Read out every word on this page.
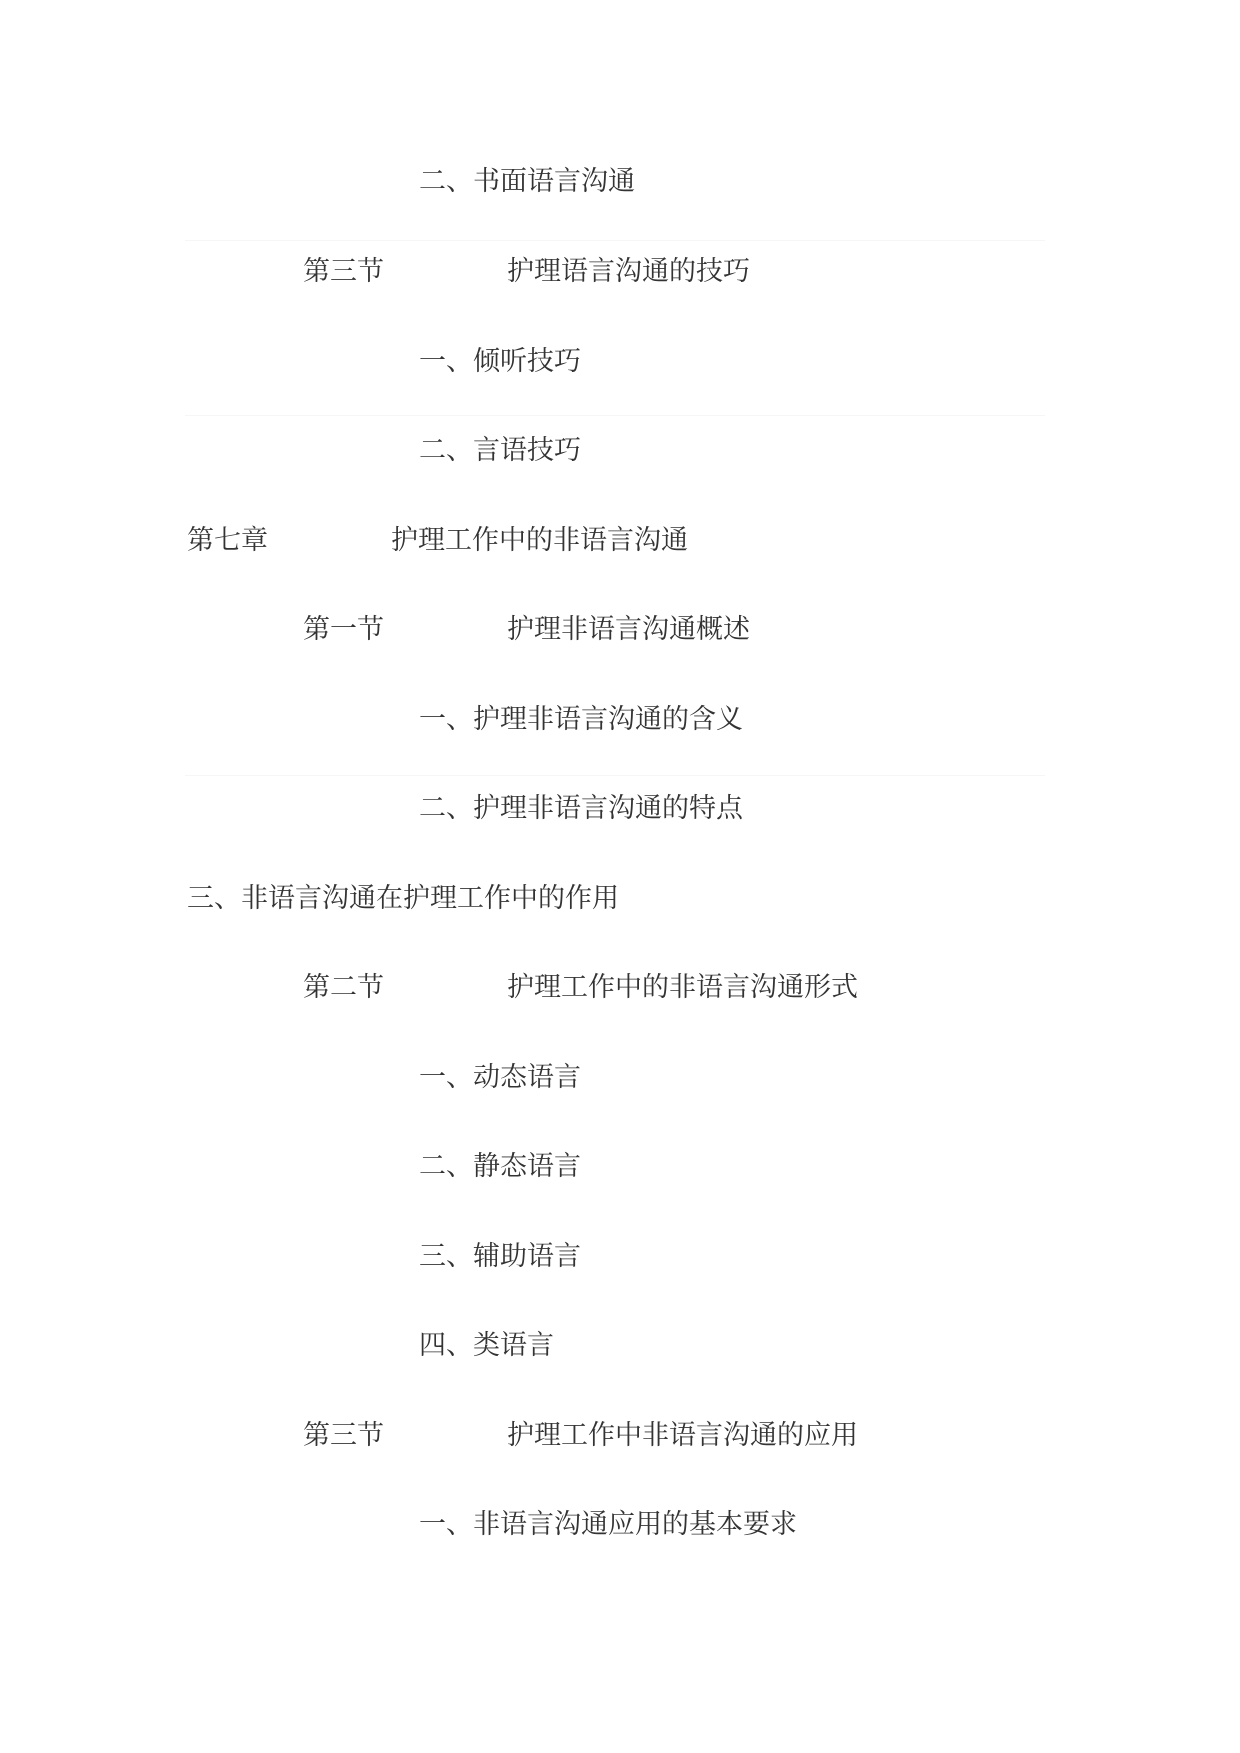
二、书面语言沟通
第三节	护理语言沟通的技巧
一、倾听技巧
二、言语技巧
第七章	护理工作中的非语言沟通
第一节	护理非语言沟通概述
一、护理非语言沟通的含义
二、护理非语言沟通的特点
三、非语言沟通在护理工作中的作用
第二节	护理工作中的非语言沟通形式
一、动态语言
二、静态语言
三、辅助语言
四、类语言
第三节	护理工作中非语言沟通的应用
一、非语言沟通应用的基本要求
